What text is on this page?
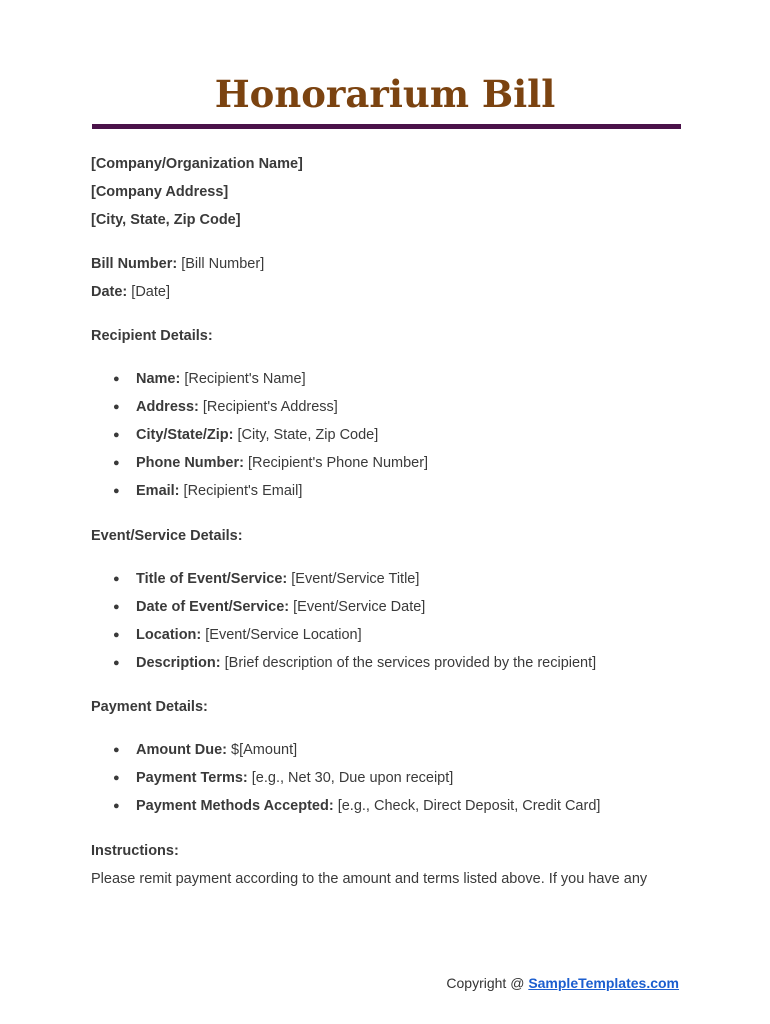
Honorarium Bill
[Company/Organization Name]
[Company Address]
[City, State, Zip Code]
Bill Number: [Bill Number]
Date: [Date]
Recipient Details:
● Name: [Recipient's Name]
● Address: [Recipient's Address]
● City/State/Zip: [City, State, Zip Code]
● Phone Number: [Recipient's Phone Number]
● Email: [Recipient's Email]
Event/Service Details:
● Title of Event/Service: [Event/Service Title]
● Date of Event/Service: [Event/Service Date]
● Location: [Event/Service Location]
● Description: [Brief description of the services provided by the recipient]
Payment Details:
● Amount Due: $[Amount]
● Payment Terms: [e.g., Net 30, Due upon receipt]
● Payment Methods Accepted: [e.g., Check, Direct Deposit, Credit Card]
Instructions:
Please remit payment according to the amount and terms listed above. If you have any
Copyright @ SampleTemplates.com
